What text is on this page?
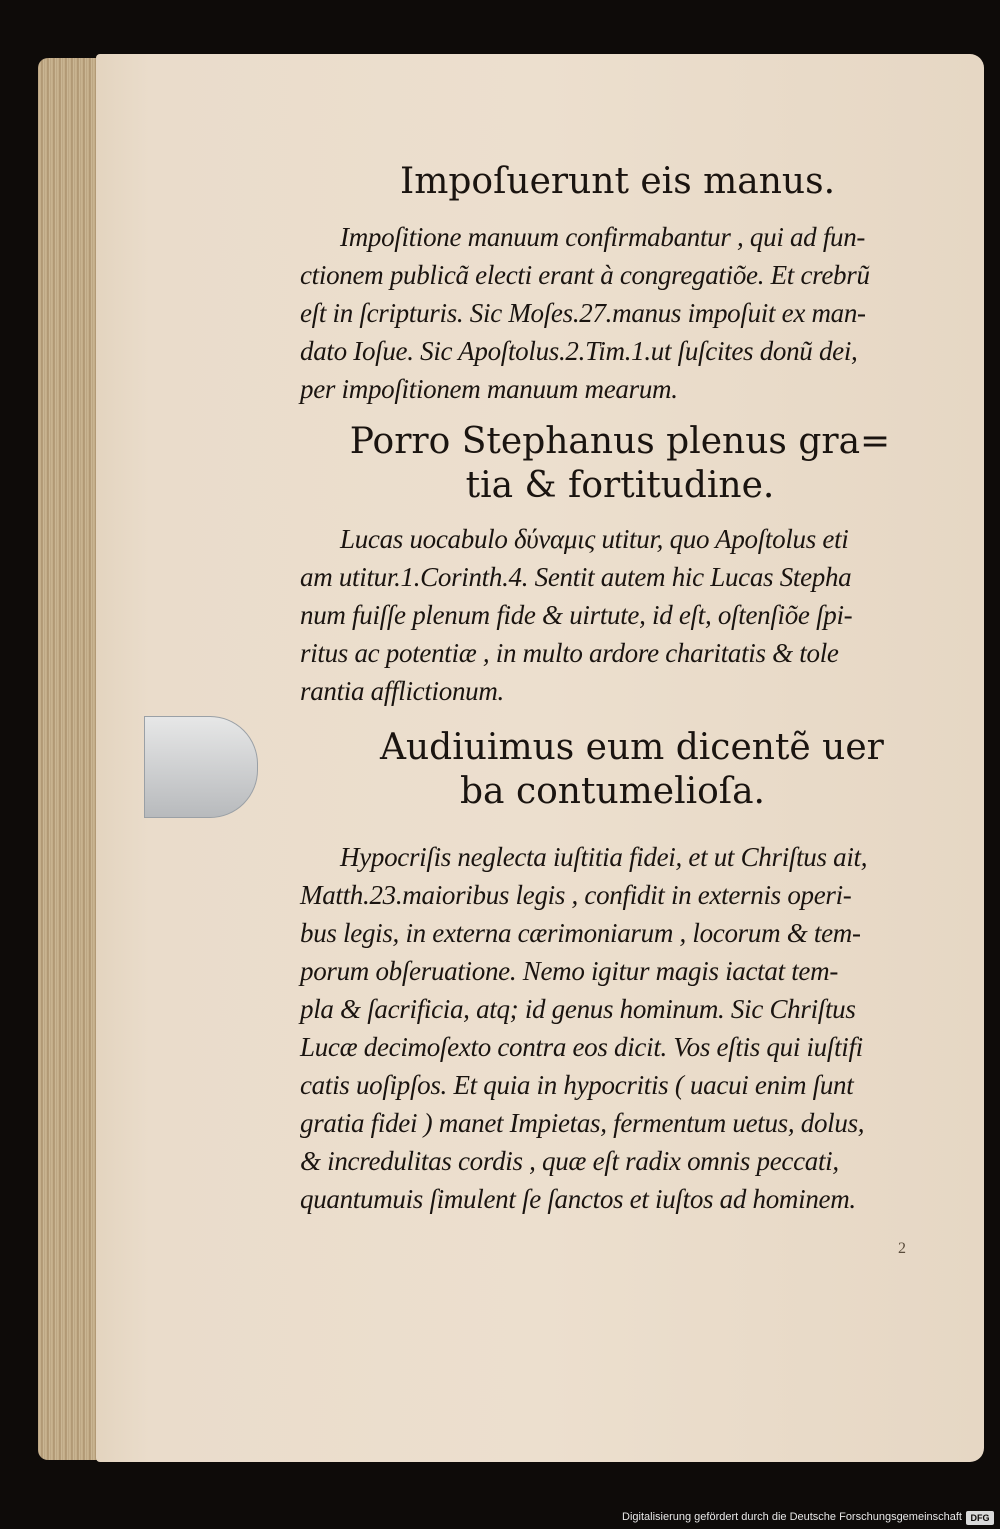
Impoſuerunt eis manus.
Impoſitione manuum confirmabantur , qui ad fun-
ctionem publicã electi erant à congregatiõe. Et crebrũ
eſt in ſcripturis. Sic Moſes.27.manus impoſuit ex man-
dato Ioſue. Sic Apoſtolus.2.Tim.1.ut ſuſcites donũ dei,
per impoſitionem manuum mearum.
Porro Stephanus plenus gra=
tia & fortitudine.
Lucas uocabulo δύναμις utitur, quo Apoſtolus eti
am utitur.1.Corinth.4. Sentit autem hic Lucas Stepha
num fuiſſe plenum fide & uirtute, id eſt, oſtenſiõe ſpi-
ritus ac potentiæ , in multo ardore charitatis & tole
rantia afflictionum.
Audiuimus eum dicentẽ uer
ba contumelioſa.
Hypocriſis neglecta iuſtitia fidei, et ut Chriſtus ait,
Matth.23.maioribus legis , confidit in externis operi-
bus legis, in externa cærimoniarum , locorum & tem-
porum obſeruatione. Nemo igitur magis iactat tem-
pla & ſacrificia, atq; id genus hominum. Sic Chriſtus
Lucæ decimoſexto contra eos dicit. Vos eſtis qui iuſtifi
catis uoſipſos. Et quia in hypocritis ( uacui enim ſunt
gratia fidei ) manet Impietas, fermentum uetus, dolus,
& incredulitas cordis , quæ eſt radix omnis peccati,
quantumuis ſimulent ſe ſanctos et iuſtos ad hominem.
2
Digitalisierung gefördert durch die Deutsche Forschungsgemeinschaft DFG
